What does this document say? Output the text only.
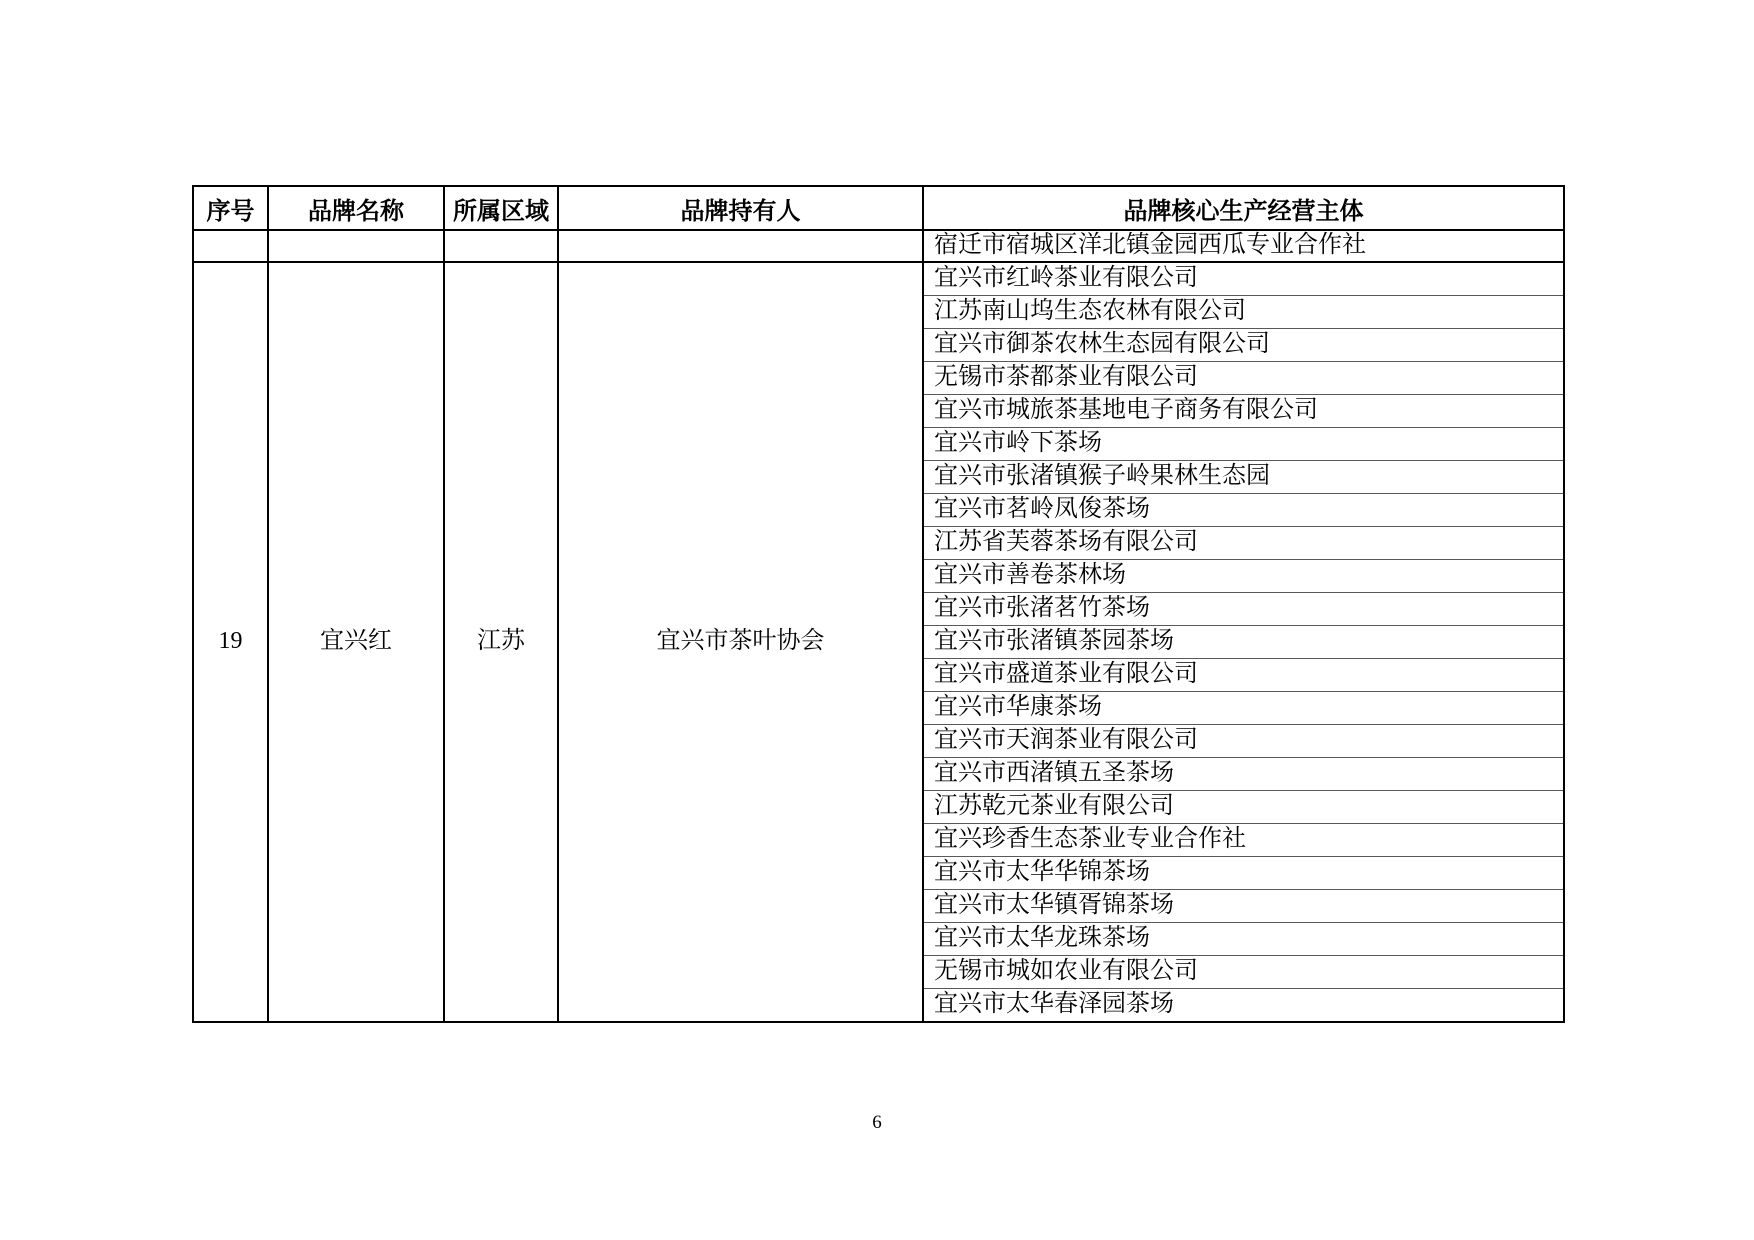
序号	品牌名称	所属区域	品牌持有人	品牌核心生产经营主体
				宿迁市宿城区洋北镇金园西瓜专业合作社
19	宜兴红	江苏	宜兴市茶叶协会	宜兴市红岭茶业有限公司
				江苏南山坞生态农林有限公司
				宜兴市御茶农林生态园有限公司
				无锡市茶都茶业有限公司
				宜兴市城旅茶基地电子商务有限公司
				宜兴市岭下茶场
				宜兴市张渚镇猴子岭果林生态园
				宜兴市茗岭凤俊茶场
				江苏省芙蓉茶场有限公司
				宜兴市善卷茶林场
				宜兴市张渚茗竹茶场
				宜兴市张渚镇茶园茶场
				宜兴市盛道茶业有限公司
				宜兴市华康茶场
				宜兴市天润茶业有限公司
				宜兴市西渚镇五圣茶场
				江苏乾元茶业有限公司
				宜兴珍香生态茶业专业合作社
				宜兴市太华华锦茶场
				宜兴市太华镇胥锦茶场
				宜兴市太华龙珠茶场
				无锡市城如农业有限公司
				宜兴市太华春泽园茶场
6
